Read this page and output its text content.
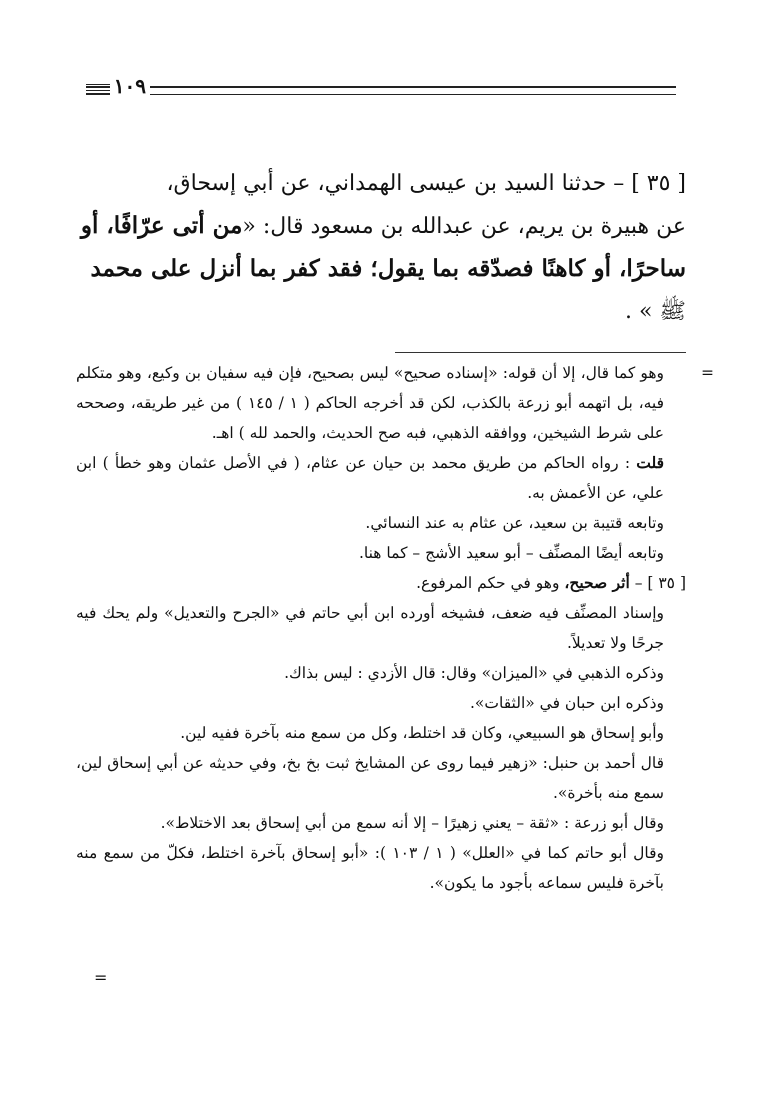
١٠٩

[ ٣٥ ] – حدثنا السيد بن عيسى الهمداني، عن أبي إسحاق،

عن هبيرة بن يريم، عن عبدالله بن مسعود قال: «من أتى عرّافًا، أو

ساحرًا، أو كاهنًا فصدّقه بما يقول؛ فقد كفر بما أنزل على محمد

ﷺ » .

=
وهو كما قال، إلا أن قوله: «إسناده صحيح» ليس بصحيح، فإن فيه سفيان بن وكيع، وهو متكلم فيه، بل اتهمه أبو زرعة بالكذب، لكن قد أخرجه الحاكم ( ١ / ١٤٥ ) من غير طريقه، وصححه على شرط الشيخين، ووافقه الذهبي، فبه صح الحديث، والحمد لله ) اهـ.

قلت : رواه الحاكم من طريق محمد بن حيان عن عثام، ( في الأصل عثمان وهو خطأ ) ابن علي، عن الأعمش به.

وتابعه قتيبة بن سعيد، عن عثام به عند النسائي.

وتابعه أيضًا المصنِّف – أبو سعيد الأشج – كما هنا.

[ ٣٥ ] – أثر صحيح، وهو في حكم المرفوع.

وإسناد المصنِّف فيه ضعف، فشيخه أورده ابن أبي حاتم في «الجرح والتعديل» ولم يحك فيه جرحًا ولا تعديلاً.

وذكره الذهبي في «الميزان» وقال: قال الأزدي : ليس بذاك.

وذكره ابن حبان في «الثقات».

وأبو إسحاق هو السبيعي، وكان قد اختلط، وكل من سمع منه بآخرة ففيه لين.

قال أحمد بن حنبل: «زهير فيما روى عن المشايخ ثبت بخ بخ، وفي حديثه عن أبي إسحاق لين، سمع منه بأخرة».

وقال أبو زرعة : «ثقة – يعني زهيرًا – إلا أنه سمع من أبي إسحاق بعد الاختلاط».

وقال أبو حاتم كما في «العلل» ( ١ / ١٠٣ ): «أبو إسحاق بآخرة اختلط، فكلّ من سمع منه بآخرة فليس سماعه بأجود ما يكون».

=
